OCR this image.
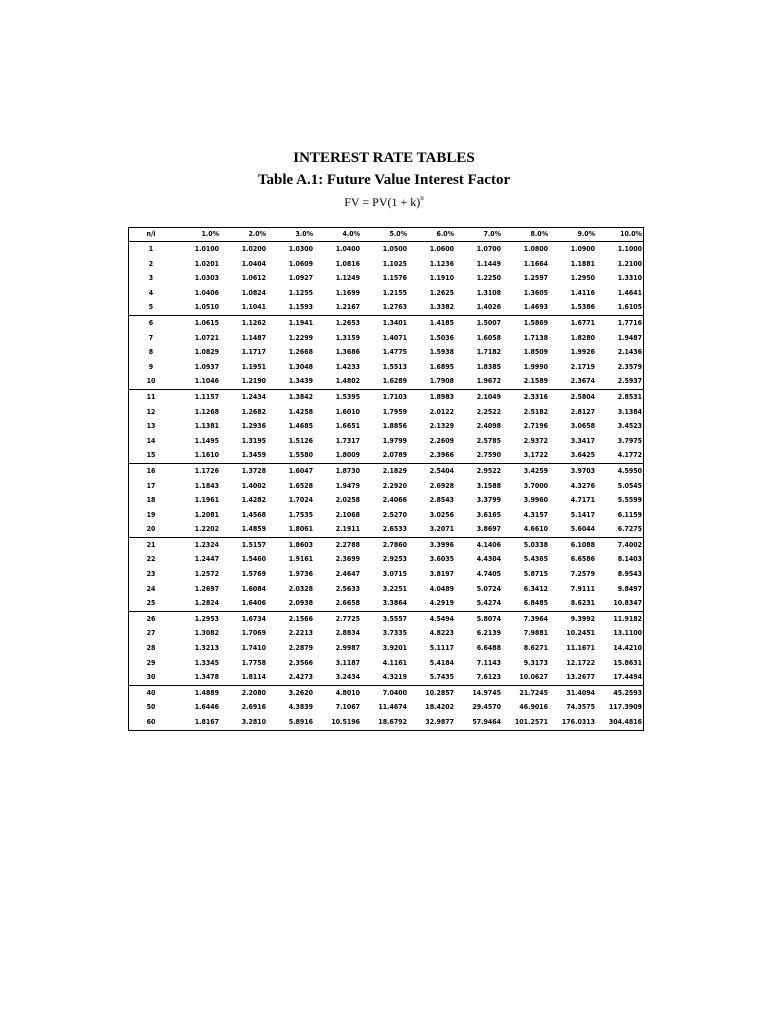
INTEREST RATE TABLES
Table A.1: Future Value Interest Factor
FV = $PV(1 + k)^n$
n/i	1.0%	2.0%	3.0%	4.0%	5.0%	6.0%	7.0%	8.0%	9.0%	10.0%
1	1.0100	1.0200	1.0300	1.0400	1.0500	1.0600	1.0700	1.0800	1.0900	1.1000
2	1.0201	1.0404	1.0609	1.0816	1.1025	1.1236	1.1449	1.1664	1.1881	1.2100
3	1.0303	1.0612	1.0927	1.1249	1.1576	1.1910	1.2250	1.2597	1.2950	1.3310
4	1.0406	1.0824	1.1255	1.1699	1.2155	1.2625	1.3108	1.3605	1.4116	1.4641
5	1.0510	1.1041	1.1593	1.2167	1.2763	1.3382	1.4026	1.4693	1.5386	1.6105
6	1.0615	1.1262	1.1941	1.2653	1.3401	1.4185	1.5007	1.5869	1.6771	1.7716
7	1.0721	1.1487	1.2299	1.3159	1.4071	1.5036	1.6058	1.7138	1.8280	1.9487
8	1.0829	1.1717	1.2668	1.3686	1.4775	1.5938	1.7182	1.8509	1.9926	2.1436
9	1.0937	1.1951	1.3048	1.4233	1.5513	1.6895	1.8385	1.9990	2.1719	2.3579
10	1.1046	1.2190	1.3439	1.4802	1.6289	1.7908	1.9672	2.1589	2.3674	2.5937
11	1.1157	1.2434	1.3842	1.5395	1.7103	1.8983	2.1049	2.3316	2.5804	2.8531
12	1.1268	1.2682	1.4258	1.6010	1.7959	2.0122	2.2522	2.5182	2.8127	3.1384
13	1.1381	1.2936	1.4685	1.6651	1.8856	2.1329	2.4098	2.7196	3.0658	3.4523
14	1.1495	1.3195	1.5126	1.7317	1.9799	2.2609	2.5785	2.9372	3.3417	3.7975
15	1.1610	1.3459	1.5580	1.8009	2.0789	2.3966	2.7590	3.1722	3.6425	4.1772
16	1.1726	1.3728	1.6047	1.8730	2.1829	2.5404	2.9522	3.4259	3.9703	4.5950
17	1.1843	1.4002	1.6528	1.9479	2.2920	2.6928	3.1588	3.7000	4.3276	5.0545
18	1.1961	1.4282	1.7024	2.0258	2.4066	2.8543	3.3799	3.9960	4.7171	5.5599
19	1.2081	1.4568	1.7535	2.1068	2.5270	3.0256	3.6165	4.3157	5.1417	6.1159
20	1.2202	1.4859	1.8061	2.1911	2.6533	3.2071	3.8697	4.6610	5.6044	6.7275
21	1.2324	1.5157	1.8603	2.2788	2.7860	3.3996	4.1406	5.0338	6.1088	7.4002
22	1.2447	1.5460	1.9161	2.3699	2.9253	3.6035	4.4304	5.4365	6.6586	8.1403
23	1.2572	1.5769	1.9736	2.4647	3.0715	3.8197	4.7405	5.8715	7.2579	8.9543
24	1.2697	1.6084	2.0328	2.5633	3.2251	4.0489	5.0724	6.3412	7.9111	9.8497
25	1.2824	1.6406	2.0938	2.6658	3.3864	4.2919	5.4274	6.8485	8.6231	10.8347
26	1.2953	1.6734	2.1566	2.7725	3.5557	4.5494	5.8074	7.3964	9.3992	11.9182
27	1.3082	1.7069	2.2213	2.8834	3.7335	4.8223	6.2139	7.9881	10.2451	13.1100
28	1.3213	1.7410	2.2879	2.9987	3.9201	5.1117	6.6488	8.6271	11.1671	14.4210
29	1.3345	1.7758	2.3566	3.1187	4.1161	5.4184	7.1143	9.3173	12.1722	15.8631
30	1.3478	1.8114	2.4273	3.2434	4.3219	5.7435	7.6123	10.0627	13.2677	17.4494
40	1.4889	2.2080	3.2620	4.8010	7.0400	10.2857	14.9745	21.7245	31.4094	45.2593
50	1.6446	2.6916	4.3839	7.1067	11.4674	18.4202	29.4570	46.9016	74.3575	117.3909
60	1.8167	3.2810	5.8916	10.5196	18.6792	32.9877	57.9464	101.2571	176.0313	304.4816
